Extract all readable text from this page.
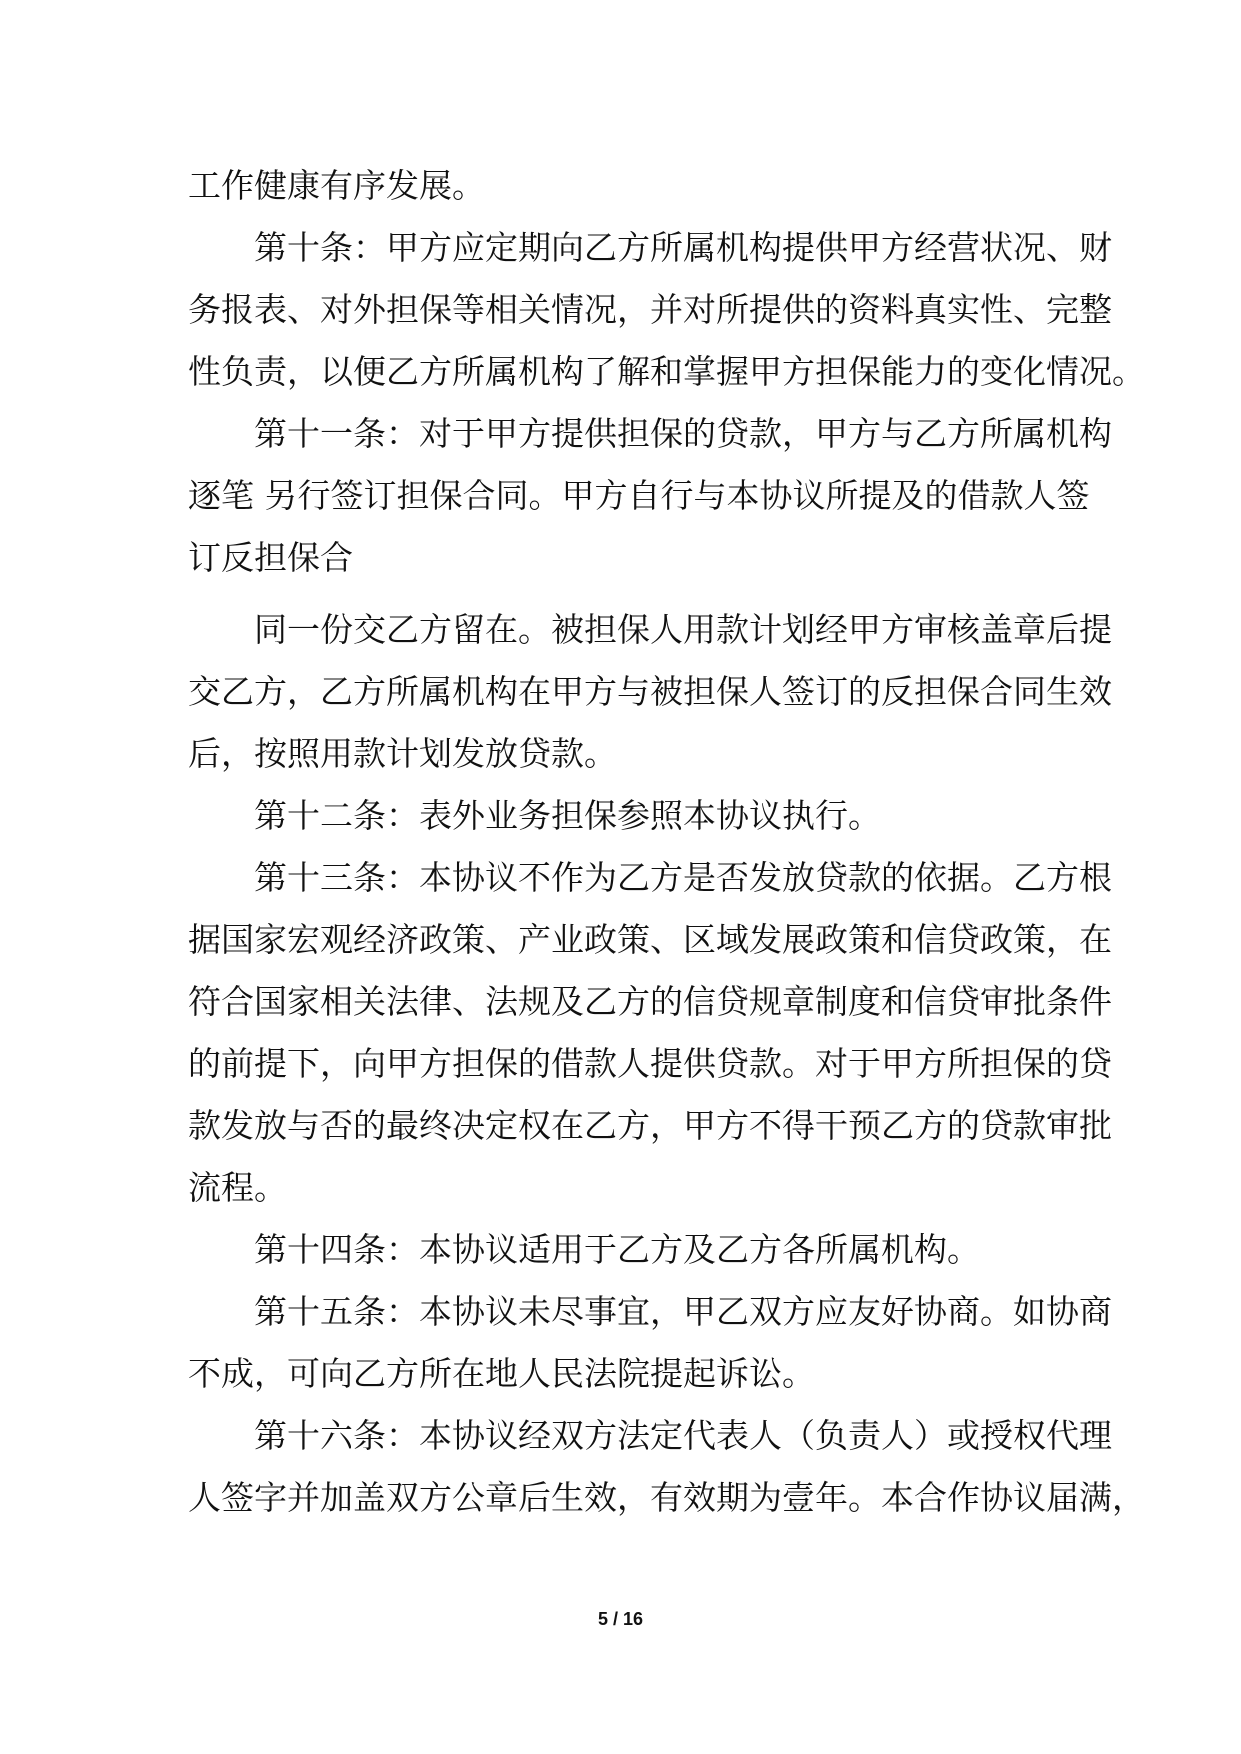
工作健康有序发展。
第十条：甲方应定期向乙方所属机构提供甲方经营状况、财
务报表、对外担保等相关情况，并对所提供的资料真实性、完整
性负责，以便乙方所属机构了解和掌握甲方担保能力的变化情况。
第十一条：对于甲方提供担保的贷款，甲方与乙方所属机构
逐笔 另行签订担保合同。甲方自行与本协议所提及的借款人签
订反担保合
同一份交乙方留在。被担保人用款计划经甲方审核盖章后提
交乙方，乙方所属机构在甲方与被担保人签订的反担保合同生效
后，按照用款计划发放贷款。
第十二条：表外业务担保参照本协议执行。
第十三条：本协议不作为乙方是否发放贷款的依据。乙方根
据国家宏观经济政策、产业政策、区域发展政策和信贷政策，在
符合国家相关法律、法规及乙方的信贷规章制度和信贷审批条件
的前提下，向甲方担保的借款人提供贷款。对于甲方所担保的贷
款发放与否的最终决定权在乙方，甲方不得干预乙方的贷款审批
流程。
第十四条：本协议适用于乙方及乙方各所属机构。
第十五条：本协议未尽事宜，甲乙双方应友好协商。如协商
不成，可向乙方所在地人民法院提起诉讼。
第十六条：本协议经双方法定代表人（负责人）或授权代理
人签字并加盖双方公章后生效，有效期为壹年。本合作协议届满，
5 / 16
